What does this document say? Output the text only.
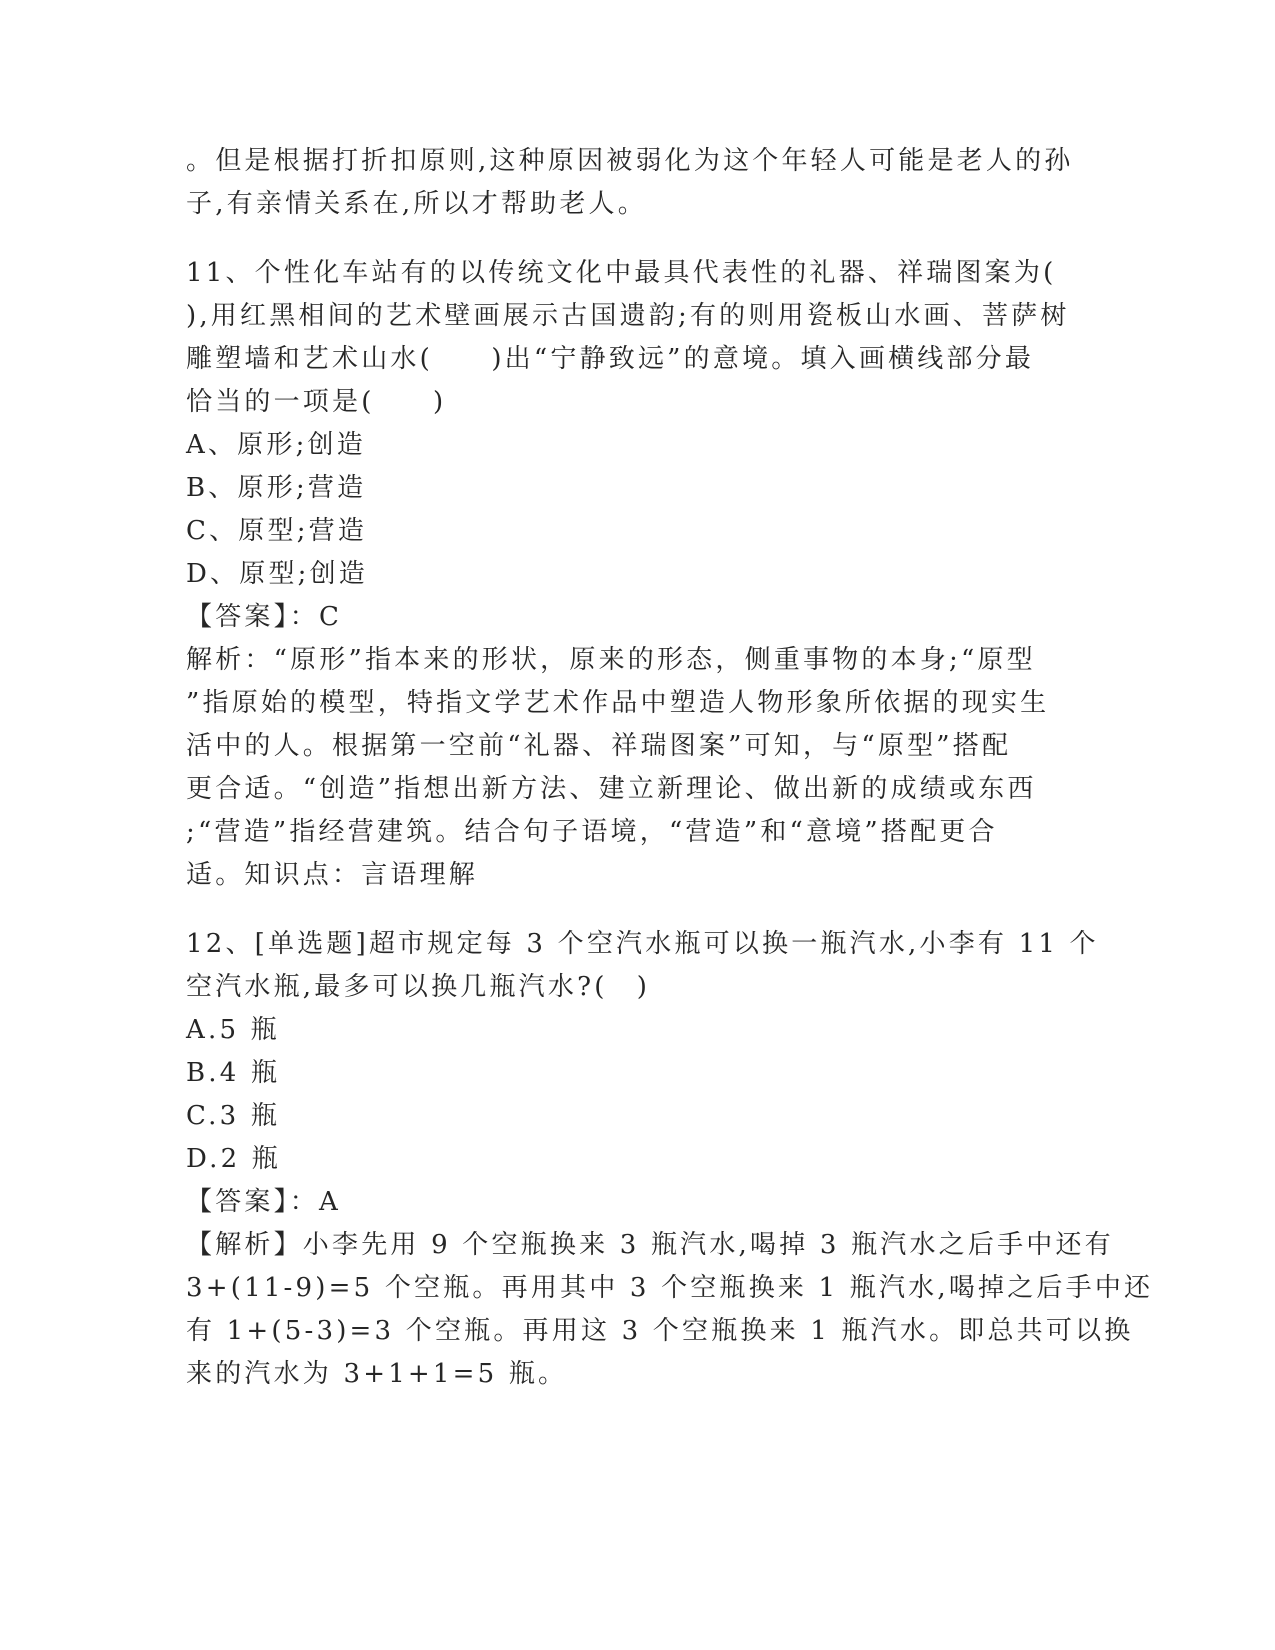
。但是根据打折扣原则,这种原因被弱化为这个年轻人可能是老人的孙
子,有亲情关系在,所以才帮助老人。
11、个性化车站有的以传统文化中最具代表性的礼器、祥瑞图案为(
),用红黑相间的艺术壁画展示古国遗韵;有的则用瓷板山水画、菩萨树
雕塑墙和艺术山水(　　)出“宁静致远”的意境。填入画横线部分最
恰当的一项是(　　)
A、原形;创造
B、原形;营造
C、原型;营造
D、原型;创造
【答案】：C
解析：“原形”指本来的形状，原来的形态，侧重事物的本身;“原型
”指原始的模型，特指文学艺术作品中塑造人物形象所依据的现实生
活中的人。根据第一空前“礼器、祥瑞图案”可知，与“原型”搭配
更合适。“创造”指想出新方法、建立新理论、做出新的成绩或东西
;“营造”指经营建筑。结合句子语境，“营造”和“意境”搭配更合
适。知识点：言语理解
12、[单选题]超市规定每 3 个空汽水瓶可以换一瓶汽水,小李有 11 个
空汽水瓶,最多可以换几瓶汽水?(　)
A.5 瓶
B.4 瓶
C.3 瓶
D.2 瓶
【答案】：A
【解析】小李先用 9 个空瓶换来 3 瓶汽水,喝掉 3 瓶汽水之后手中还有
3+(11-9)=5 个空瓶。再用其中 3 个空瓶换来 1 瓶汽水,喝掉之后手中还
有 1+(5-3)=3 个空瓶。再用这 3 个空瓶换来 1 瓶汽水。即总共可以换
来的汽水为 3+1+1=5 瓶。
